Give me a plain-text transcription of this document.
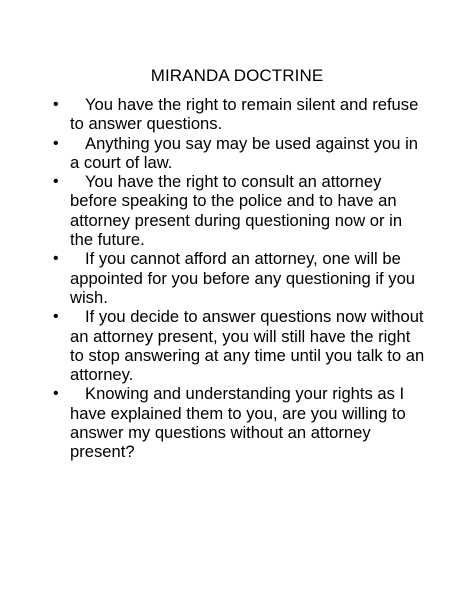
MIRANDA DOCTRINE
• You have the right to remain silent and refuse to answer questions.
• Anything you say may be used against you in a court of law.
• You have the right to consult an attorney before speaking to the police and to have an attorney present during questioning now or in the future.
• If you cannot afford an attorney, one will be appointed for you before any questioning if you wish.
• If you decide to answer questions now without an attorney present, you will still have the right to stop answering at any time until you talk to an attorney.
• Knowing and understanding your rights as I have explained them to you, are you willing to answer my questions without an attorney present?
